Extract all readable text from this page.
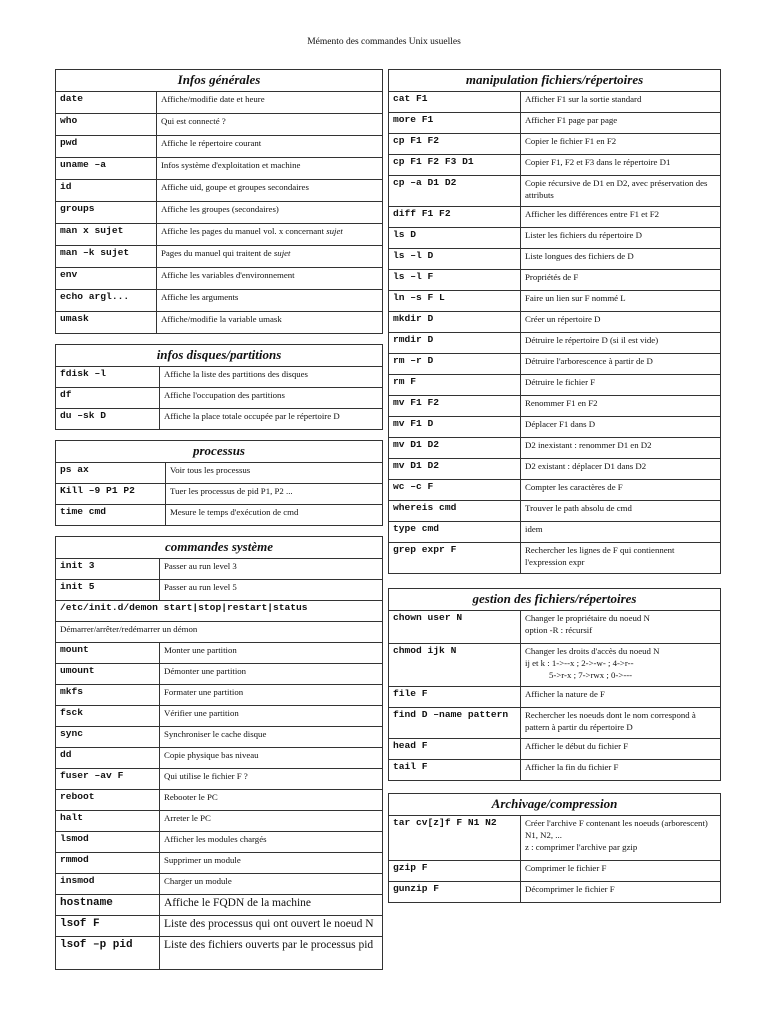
Mémento des commandes Unix usuelles
Infos générales	
date	Affiche/modifie date et heure
who	Qui est connecté ?
pwd	Affiche le répertoire courant
uname –a	Infos système d'exploitation et machine
id	Affiche uid, goupe et groupes secondaires
groups	Affiche les groupes (secondaires)
man x sujet	Affiche les pages du manuel vol. x concernant sujet
man –k sujet	Pages du manuel qui traitent de sujet
env	Affiche les variables d'environnement
echo argl...	Affiche les arguments
umask	Affiche/modifie la variable umask
infos disques/partitions	
fdisk –l	Affiche la liste des partitions des disques
df	Affiche l'occupation des partitions
du –sk D	Affiche la place totale occupée par le répertoire D
processus	
ps ax	Voir tous les processus
Kill –9 P1 P2	Tuer les processus de pid P1, P2 ...
time cmd	Mesure le temps d'exécution de cmd
commandes système	
init 3	Passer au run level 3
init 5	Passer au run level 5
/etc/init.d/demon start|stop|restart|status	
Démarrer/arrêter/redémarrer un démon	
mount	Monter une partition
umount	Démonter une partition
mkfs	Formater une partition
fsck	Vérifier une partition
sync	Synchroniser le cache disque
dd	Copie physique bas niveau
fuser –av F	Qui utilise le fichier F ?
reboot	Rebooter le PC
halt	Arreter le PC
lsmod	Afficher les modules chargés
rmmod	Supprimer un module
insmod	Charger un module
hostname	Affiche le FQDN de la machine
lsof F	Liste des processus qui ont ouvert le noeud N
lsof –p pid	Liste des fichiers ouverts par le processus pid
manipulation fichiers/répertoires	
cat F1	Afficher F1 sur la sortie standard
more F1	Afficher F1 page par page
cp F1 F2	Copier le fichier F1 en F2
cp F1 F2 F3 D1	Copier F1, F2 et F3 dans le répertoire D1
cp –a D1 D2	Copie récursive de D1 en D2, avec préservation des attributs
diff F1 F2	Afficher les différences entre F1 et F2
ls D	Lister les fichiers du répertoire D
ls –l D	Liste longues des fichiers de D
ls –l F	Propriétés de F
ln –s F L	Faire un lien sur F nommé L
mkdir D	Créer un répertoire D
rmdir D	Détruire le répertoire D (si il est vide)
rm –r D	Détruire l'arborescence à partir de D
rm F	Détruire le fichier F
mv F1 F2	Renommer F1 en F2
mv F1 D	Déplacer F1 dans D
mv D1 D2	D2 inexistant : renommer D1 en D2
mv D1 D2	D2 existant : déplacer D1 dans D2
wc –c F	Compter les caractères de F
whereis cmd	Trouver le path absolu de cmd
type cmd	idem
grep expr F	Rechercher les lignes de F qui contiennent l'expression expr
gestion des fichiers/répertoires	
chown user N	Changer le propriétaire du noeud N
option -R : récursif

chmod ijk N	Changer les droits d'accès du noeud N
ij et k : 1->--x ; 2->-w- ; 4->r--
5->r-x ; 7->rwx ; 0->---

file F	Afficher la nature de F
find D –name pattern	Rechercher les noeuds dont le nom correspond à pattern à partir du répertoire D
head F	Afficher le début du fichier F
tail F	Afficher la fin du fichier F
Archivage/compression	
tar cv[z]f F N1 N2	Créer l'archive F contenant les noeuds (arborescent) N1, N2, ...
z : comprimer l'archive par gzip

gzip F	Comprimer le fichier F
gunzip F	Décomprimer le fichier F
